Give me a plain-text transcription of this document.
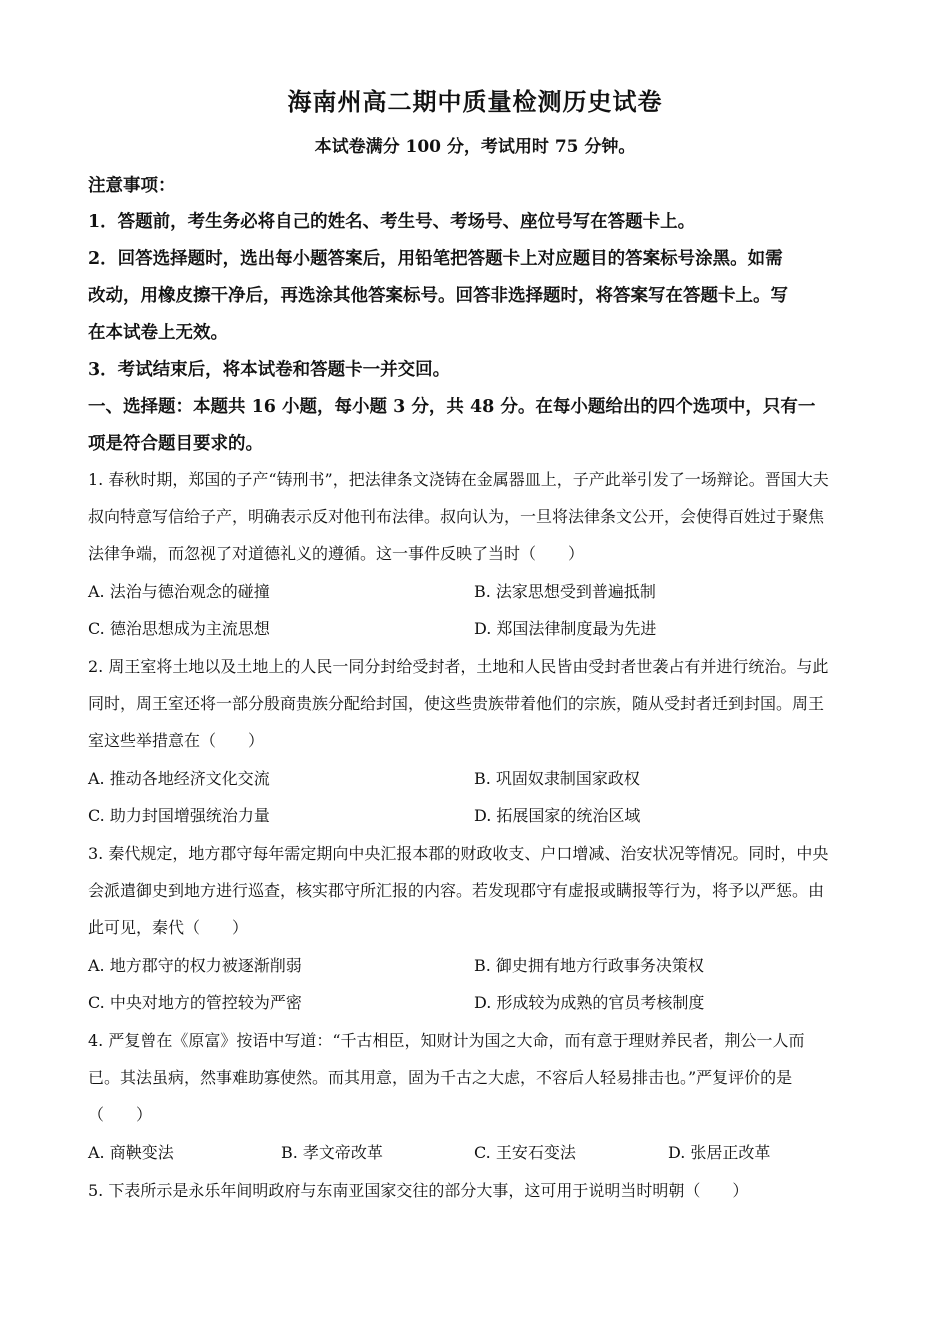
海南州高二期中质量检测历史试卷
本试卷满分 100 分，考试用时 75 分钟。
注意事项：
1．答题前，考生务必将自己的姓名、考生号、考场号、座位号写在答题卡上。
2．回答选择题时，选出每小题答案后，用铅笔把答题卡上对应题目的答案标号涂黑。如需
改动，用橡皮擦干净后，再选涂其他答案标号。回答非选择题时，将答案写在答题卡上。写
在本试卷上无效。
3．考试结束后，将本试卷和答题卡一并交回。
一、选择题：本题共 16 小题，每小题 3 分，共 48 分。在每小题给出的四个选项中，只有一
项是符合题目要求的。
1. 春秋时期，郑国的子产“铸刑书”，把法律条文浇铸在金属器皿上，子产此举引发了一场辩论。晋国大夫
叔向特意写信给子产，明确表示反对他刊布法律。叔向认为，一旦将法律条文公开，会使得百姓过于聚焦
法律争端，而忽视了对道德礼义的遵循。这一事件反映了当时（　　）
A. 法治与德治观念的碰撞	B. 法家思想受到普遍抵制
C. 德治思想成为主流思想	D. 郑国法律制度最为先进
2. 周王室将土地以及土地上的人民一同分封给受封者，土地和人民皆由受封者世袭占有并进行统治。与此
同时，周王室还将一部分殷商贵族分配给封国，使这些贵族带着他们的宗族，随从受封者迁到封国。周王
室这些举措意在（　　）
A. 推动各地经济文化交流	B. 巩固奴隶制国家政权
C. 助力封国增强统治力量	D. 拓展国家的统治区域
3. 秦代规定，地方郡守每年需定期向中央汇报本郡的财政收支、户口增减、治安状况等情况。同时，中央
会派遣御史到地方进行巡查，核实郡守所汇报的内容。若发现郡守有虚报或瞒报等行为，将予以严惩。由
此可见，秦代（　　）
A. 地方郡守的权力被逐渐削弱	B. 御史拥有地方行政事务决策权
C. 中央对地方的管控较为严密	D. 形成较为成熟的官员考核制度
4. 严复曾在《原富》按语中写道：“千古相臣，知财计为国之大命，而有意于理财养民者，荆公一人而
已。其法虽病，然事难助寡使然。而其用意，固为千古之大虑，不容后人轻易排击也。”严复评价的是
（　　）
A. 商鞅变法	B. 孝文帝改革	C. 王安石变法	D. 张居正改革
5. 下表所示是永乐年间明政府与东南亚国家交往的部分大事，这可用于说明当时明朝（　　）
